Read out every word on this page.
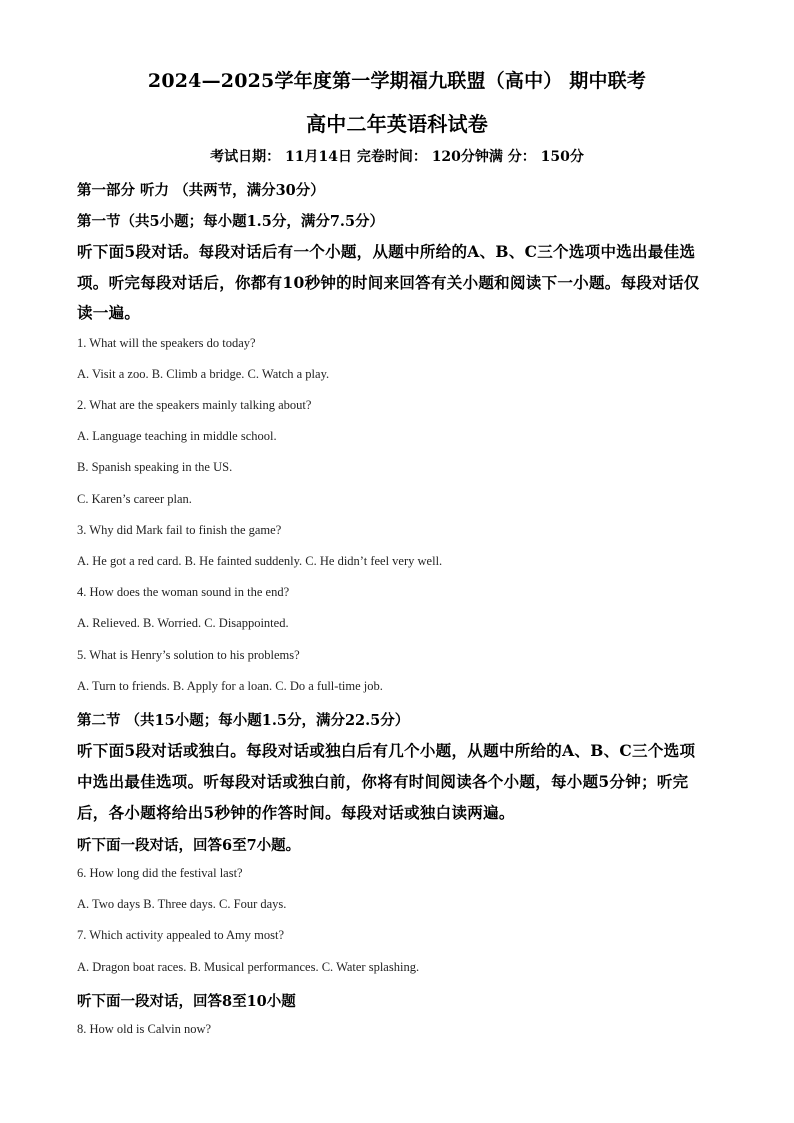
2024—2025学年度第一学期福九联盟（高中） 期中联考
高中二年英语科试卷
考试日期： 11月14日 完卷时间： 120分钟满 分： 150分
第一部分 听力 （共两节，满分30分）
第一节（共5小题；每小题1.5分，满分7.5分）
听下面5段对话。每段对话后有一个小题，从题中所给的A、B、C三个选项中选出最佳选
项。听完每段对话后，你都有10秒钟的时间来回答有关小题和阅读下一小题。每段对话仅
读一遍。
1. What will the speakers do today?
A. Visit a zoo. B. Climb a bridge. C. Watch a play.
2. What are the speakers mainly talking about?
A. Language teaching in middle school.
B. Spanish speaking in the US.
C. Karen’s career plan.
3. Why did Mark fail to finish the game?
A. He got a red card. B. He fainted suddenly. C. He didn’t feel very well.
4. How does the woman sound in the end?
A. Relieved. B. Worried. C. Disappointed.
5. What is Henry’s solution to his problems?
A. Turn to friends. B. Apply for a loan. C. Do a full-time job.
第二节 （共15小题；每小题1.5分，满分22.5分）
听下面5段对话或独白。每段对话或独白后有几个小题，从题中所给的A、B、C三个选项
中选出最佳选项。听每段对话或独白前，你将有时间阅读各个小题，每小题5分钟；听完
后，各小题将给出5秒钟的作答时间。每段对话或独白读两遍。
听下面一段对话，回答6至7小题。
6. How long did the festival last?
A. Two days B. Three days. C. Four days.
7. Which activity appealed to Amy most?
A. Dragon boat races. B. Musical performances. C. Water splashing.
听下面一段对话，回答8至10小题
8. How old is Calvin now?
